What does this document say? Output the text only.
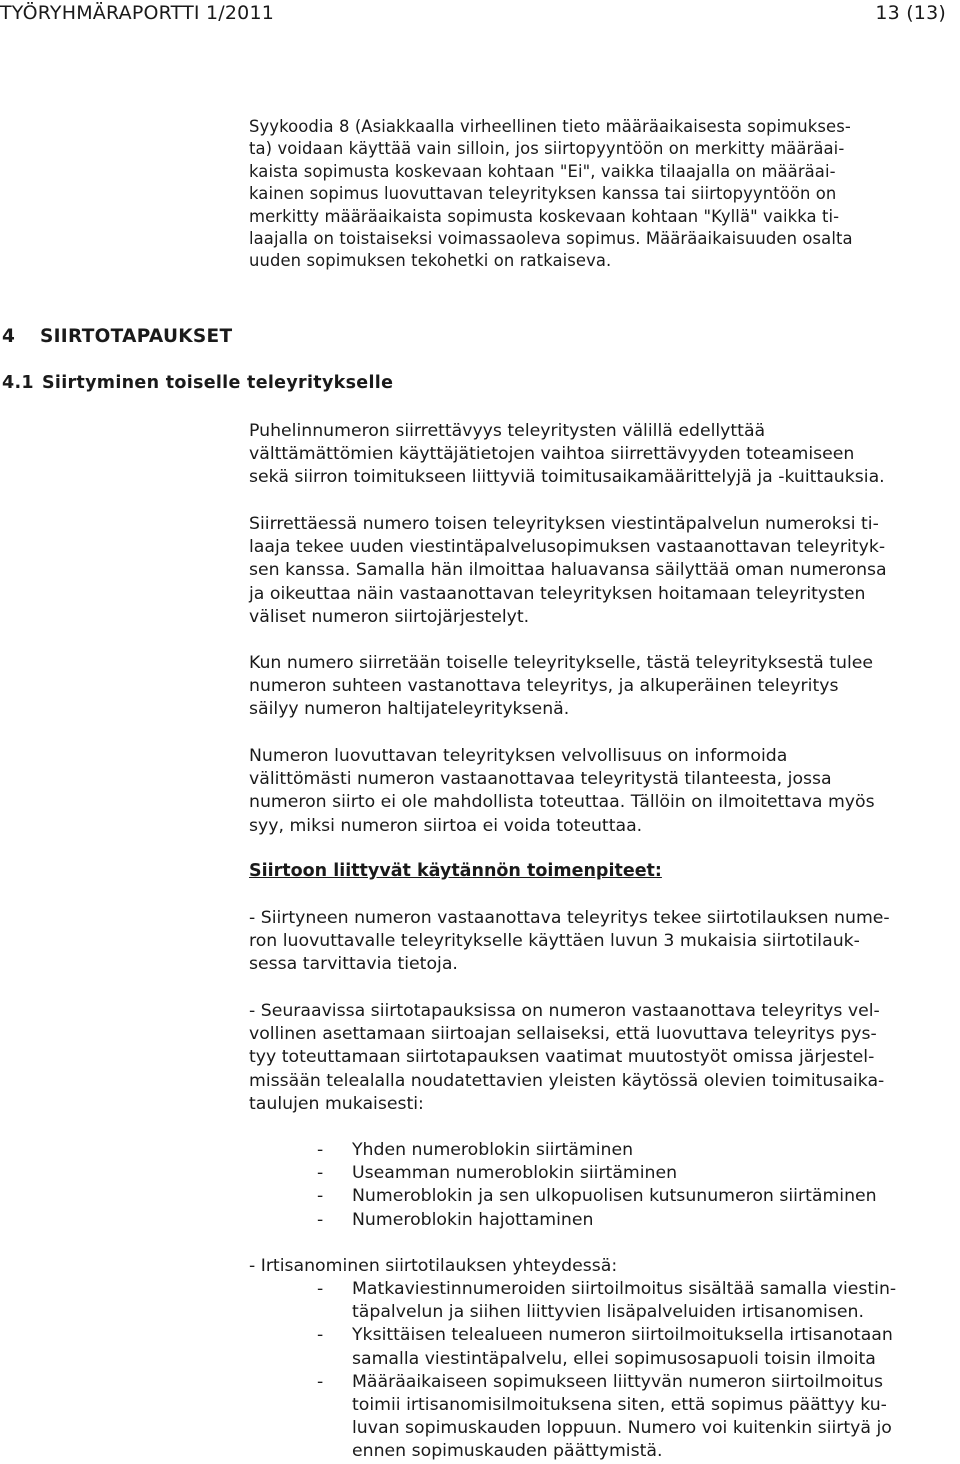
TYÖRYHMÄRAPORTTI 1/2011	13 (13)

Syykoodia 8 (Asiakkaalla virheellinen tieto määräaikaisesta sopimukses-
ta) voidaan käyttää vain silloin, jos siirtopyyntöön on merkitty määräai-
kaista sopimusta koskevaan kohtaan "Ei", vaikka tilaajalla on määräai-
kainen sopimus luovuttavan teleyrityksen kanssa tai siirtopyyntöön on
merkitty määräaikaista sopimusta koskevaan kohtaan "Kyllä" vaikka ti-
laajalla on toistaiseksi voimassaoleva sopimus. Määräaikaisuuden osalta
uuden sopimuksen tekohetki on ratkaiseva.

4 SIIRTOTAPAUKSET
4.1 Siirtyminen toiselle teleyritykselle

Puhelinnumeron siirrettävyys teleyritysten välillä edellyttää
välttämättömien käyttäjätietojen vaihtoa siirrettävyyden toteamiseen
sekä siirron toimitukseen liittyviä toimitusaikamäärittelyjä ja -kuittauksia.

Siirrettäessä numero toisen teleyrityksen viestintäpalvelun numeroksi ti-
laaja tekee uuden viestintäpalvelusopimuksen vastaanottavan teleyrityk-
sen kanssa. Samalla hän ilmoittaa haluavansa säilyttää oman numeronsa
ja oikeuttaa näin vastaanottavan teleyrityksen hoitamaan teleyritysten
väliset numeron siirtojärjestelyt.

Kun numero siirretään toiselle teleyritykselle, tästä teleyrityksestä tulee
numeron suhteen vastanottava teleyritys, ja alkuperäinen teleyritys
säilyy numeron haltijateleyrityksenä.

Numeron luovuttavan teleyrityksen velvollisuus on informoida
välittömästi numeron vastaanottavaa teleyritystä tilanteesta, jossa
numeron siirto ei ole mahdollista toteuttaa. Tällöin on ilmoitettava myös
syy, miksi numeron siirtoa ei voida toteuttaa.

Siirtoon liittyvät käytännön toimenpiteet:

- Siirtyneen numeron vastaanottava teleyritys tekee siirtotilauksen nume-
ron luovuttavalle teleyritykselle käyttäen luvun 3 mukaisia siirtotilauk-
sessa tarvittavia tietoja.

- Seuraavissa siirtotapauksissa on numeron vastaanottava teleyritys vel-
vollinen asettamaan siirtoajan sellaiseksi, että luovuttava teleyritys pys-
tyy toteuttamaan siirtotapauksen vaatimat muutostyöt omissa järjestel-
missään telealalla noudatettavien yleisten käytössä olevien toimitusaika-
taulujen mukaisesti:

- Yhden numeroblokin siirtäminen
- Useamman numeroblokin siirtäminen
- Numeroblokin ja sen ulkopuolisen kutsunumeron siirtäminen
- Numeroblokin hajottaminen

- Irtisanominen siirtotilauksen yhteydessä:

- Matkaviestinnumeroiden siirtoilmoitus sisältää samalla viestin-
täpalvelun ja siihen liittyvien lisäpalveluiden irtisanomisen.
- Yksittäisen telealueen numeron siirtoilmoituksella irtisanotaan
samalla viestintäpalvelu, ellei sopimusosapuoli toisin ilmoita
- Määräaikaiseen sopimukseen liittyvän numeron siirtoilmoitus
toimii irtisanomisilmoituksena siten, että sopimus päättyy ku-
luvan sopimuskauden loppuun. Numero voi kuitenkin siirtyä jo
ennen sopimuskauden päättymistä.
